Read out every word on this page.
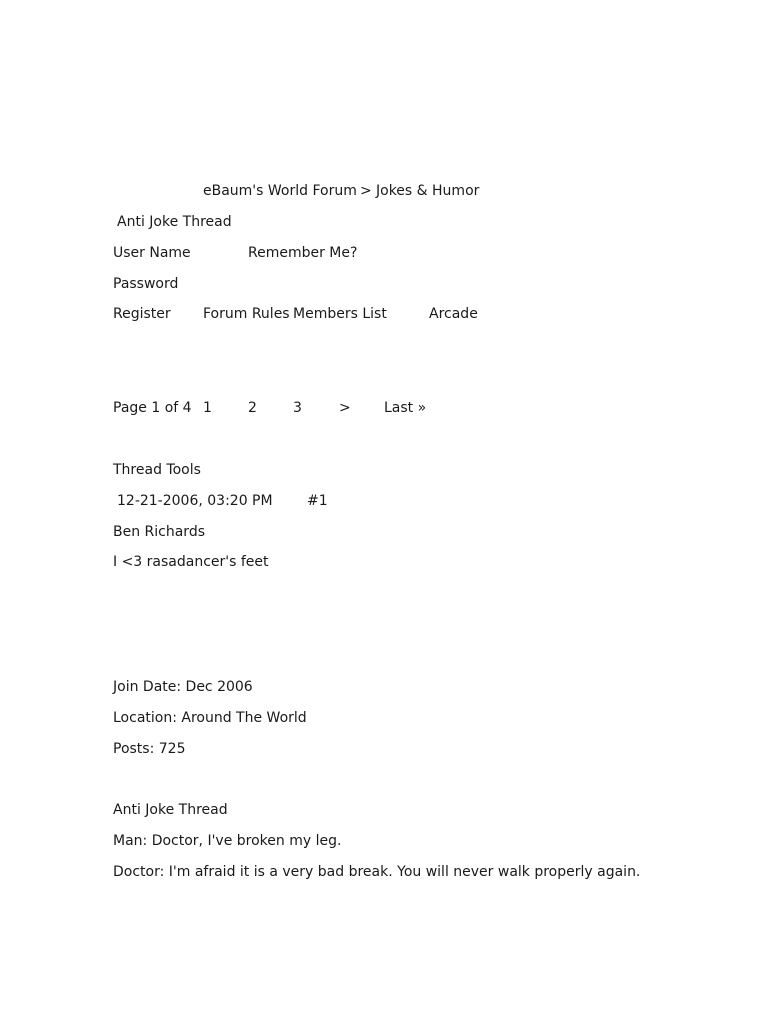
eBaum's World Forum > Jokes & Humor
Anti Joke Thread
User Name	Remember Me?
Password
Register Forum Rules Members List	Arcade
Page 1 of 4 1	2	3	> Last »
Thread Tools
12-21-2006, 03:20 PM #1
Ben Richards
I <3 rasadancer's feet
Join Date: Dec 2006
Location: Around The World
Posts: 725
Anti Joke Thread
Man: Doctor, I've broken my leg.
Doctor: I'm afraid it is a very bad break. You will never walk properly again.
